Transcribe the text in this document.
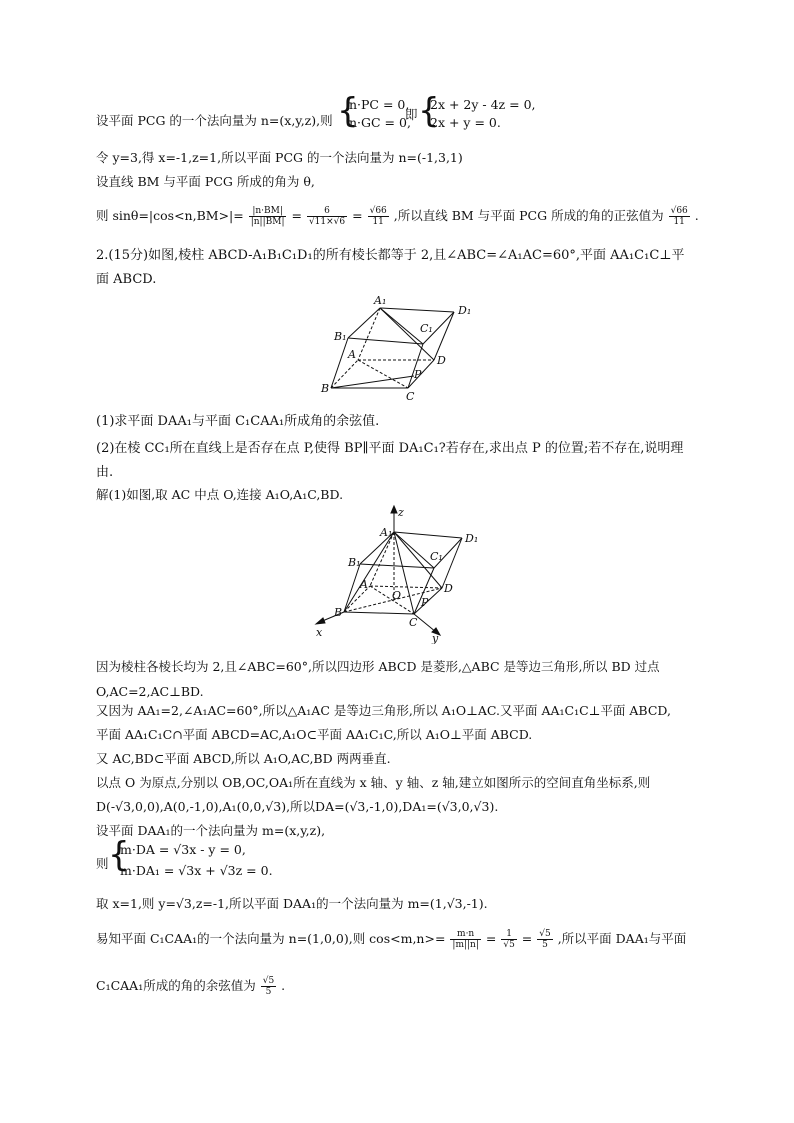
设平面 PCG 的一个法向量为 n=(x,y,z),则 {
n·PC = 0,
n·GC = 0,
即 {
2x + 2y - 4z = 0,
2x + y = 0.
令 y=3,得 x=-1,z=1,所以平面 PCG 的一个法向量为 n=(-1,3,1)
设直线 BM 与平面 PCG 所成的角为 θ,
则 $\sin\theta=|\cos<n,BM>|= \frac{|n\cdot BM|}{|n||BM|} = \frac{6}{√11\times√6} = \frac{√66}{11}$ ,所以直线 BM 与平面 PCG 所成的角的正弦值为 $\frac{√66}{11}$ .
2.(15分)如图,棱柱 ABCD-A₁B₁C₁D₁的所有棱长都等于 2,且∠ABC=∠A₁AC=60°,平面 AA₁C₁C⊥平面 ABCD.
A₁
D₁
B₁
C₁
A	D
B
P
C
(1)求平面 DAA₁与平面 C₁CAA₁所成角的余弦值.
(2)在棱 CC₁所在直线上是否存在点 P,使得 BP∥平面 DA₁C₁?若存在,求出点 P 的位置;若不存在,说明理由.
解(1)如图,取 AC 中点 O,连接 A₁O,A₁C,BD.
z
A₁	D₁
B₁	C₁
A
O
D
B
P
C
x	y
因为棱柱各棱长均为 2,且∠ABC=60°,所以四边形 ABCD 是菱形,△ABC 是等边三角形,所以 BD 过点 O,AC=2,AC⊥BD.
又因为 AA₁=2,∠A₁AC=60°,所以△A₁AC 是等边三角形,所以 A₁O⊥AC.又平面 AA₁C₁C⊥平面 ABCD,
平面 AA₁C₁C∩平面 ABCD=AC,A₁O⊂平面 AA₁C₁C,所以 A₁O⊥平面 ABCD.
又 AC,BD⊂平面 ABCD,所以 A₁O,AC,BD 两两垂直.
以点 O 为原点,分别以 OB,OC,OA₁所在直线为 x 轴、y 轴、z 轴,建立如图所示的空间直角坐标系,则
D(-√3,0,0),A(0,-1,0),A₁(0,0,√3),所以DA=(√3,-1,0),DA₁=(√3,0,√3).
设平面 DAA₁的一个法向量为 m=(x,y,z),
则 {
m·DA = √3x - y = 0,
m·DA₁ = √3x + √3z = 0.
取 x=1,则 y=√3,z=-1,所以平面 DAA₁的一个法向量为 m=(1,√3,-1).
易知平面 C₁CAA₁的一个法向量为 n=(1,0,0),则 $\cos<m,n>= \frac{m\cdot n}{|m||n|} = \frac{1}{√5} = \frac{√5}{5}$ ,所以平面 DAA₁与平面
C₁CAA₁所成的角的余弦值为 $\frac{√5}{5}$ .
